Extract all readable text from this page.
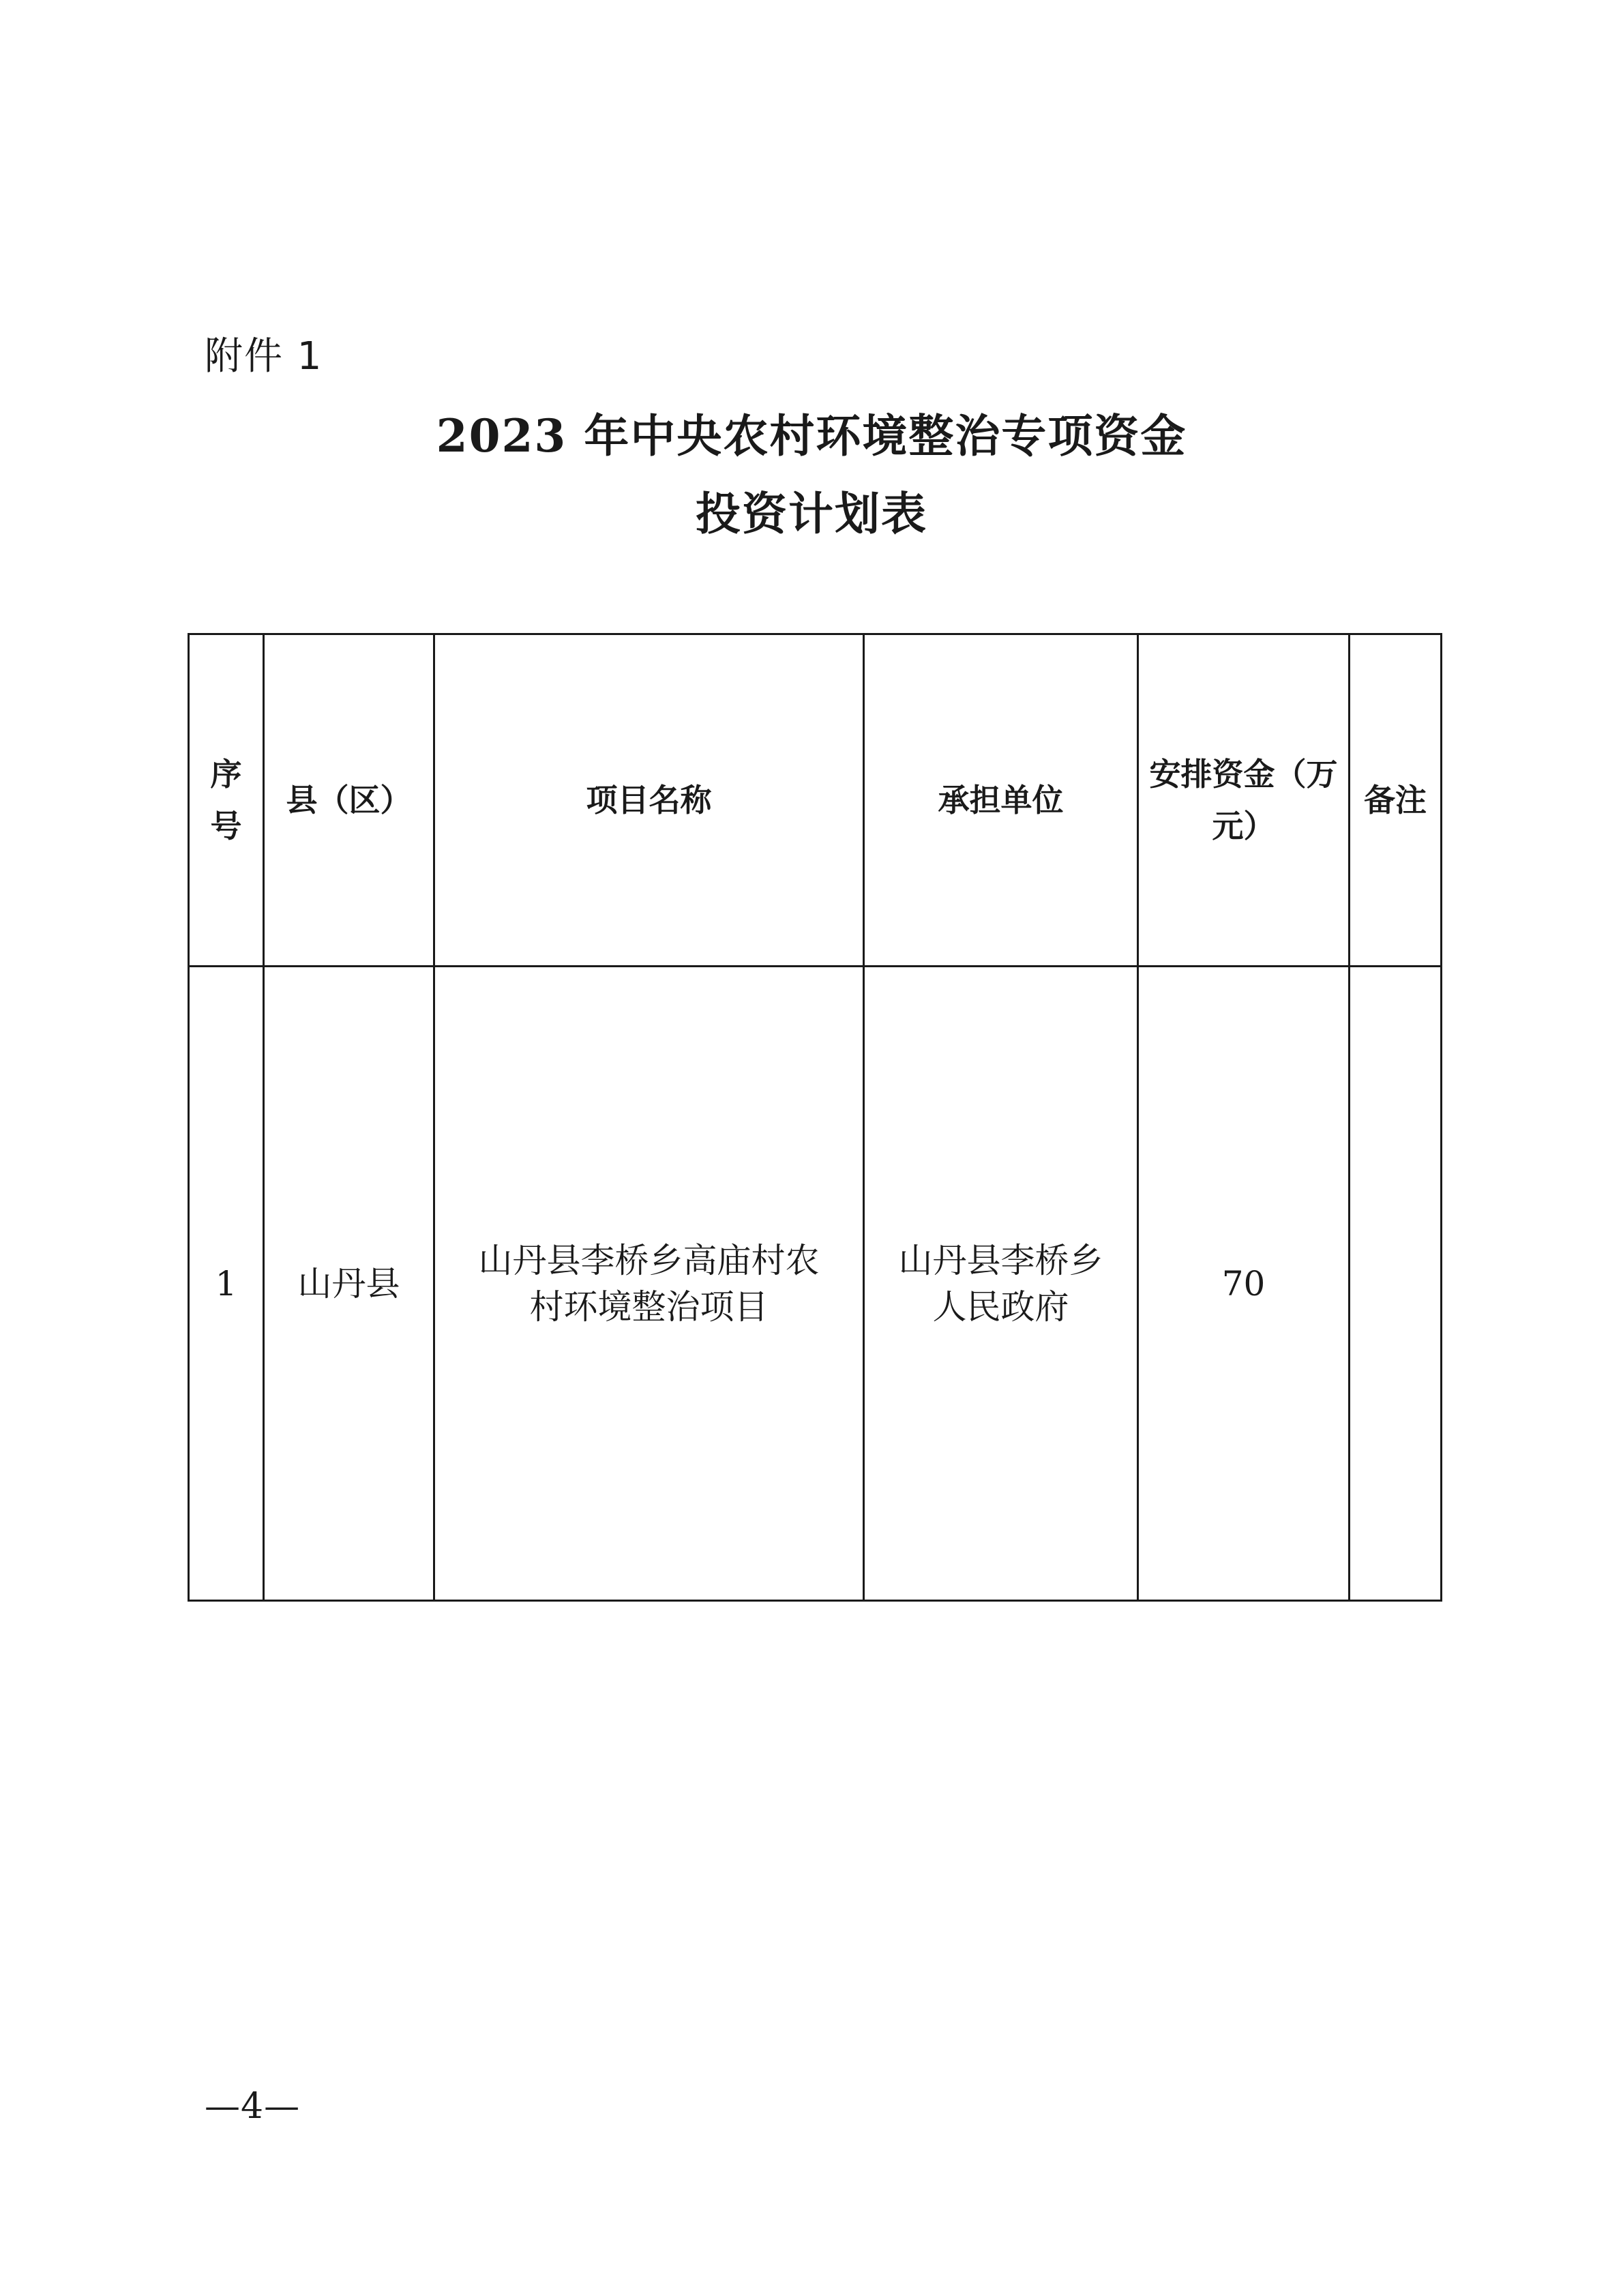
附件 1
2023 年中央农村环境整治专项资金
投资计划表
序号	县（区）	项目名称	承担单位	安排资金（万元）	备注
1	山丹县	山丹县李桥乡高庙村农村环境整治项目	山丹县李桥乡人民政府	70	
—4—
